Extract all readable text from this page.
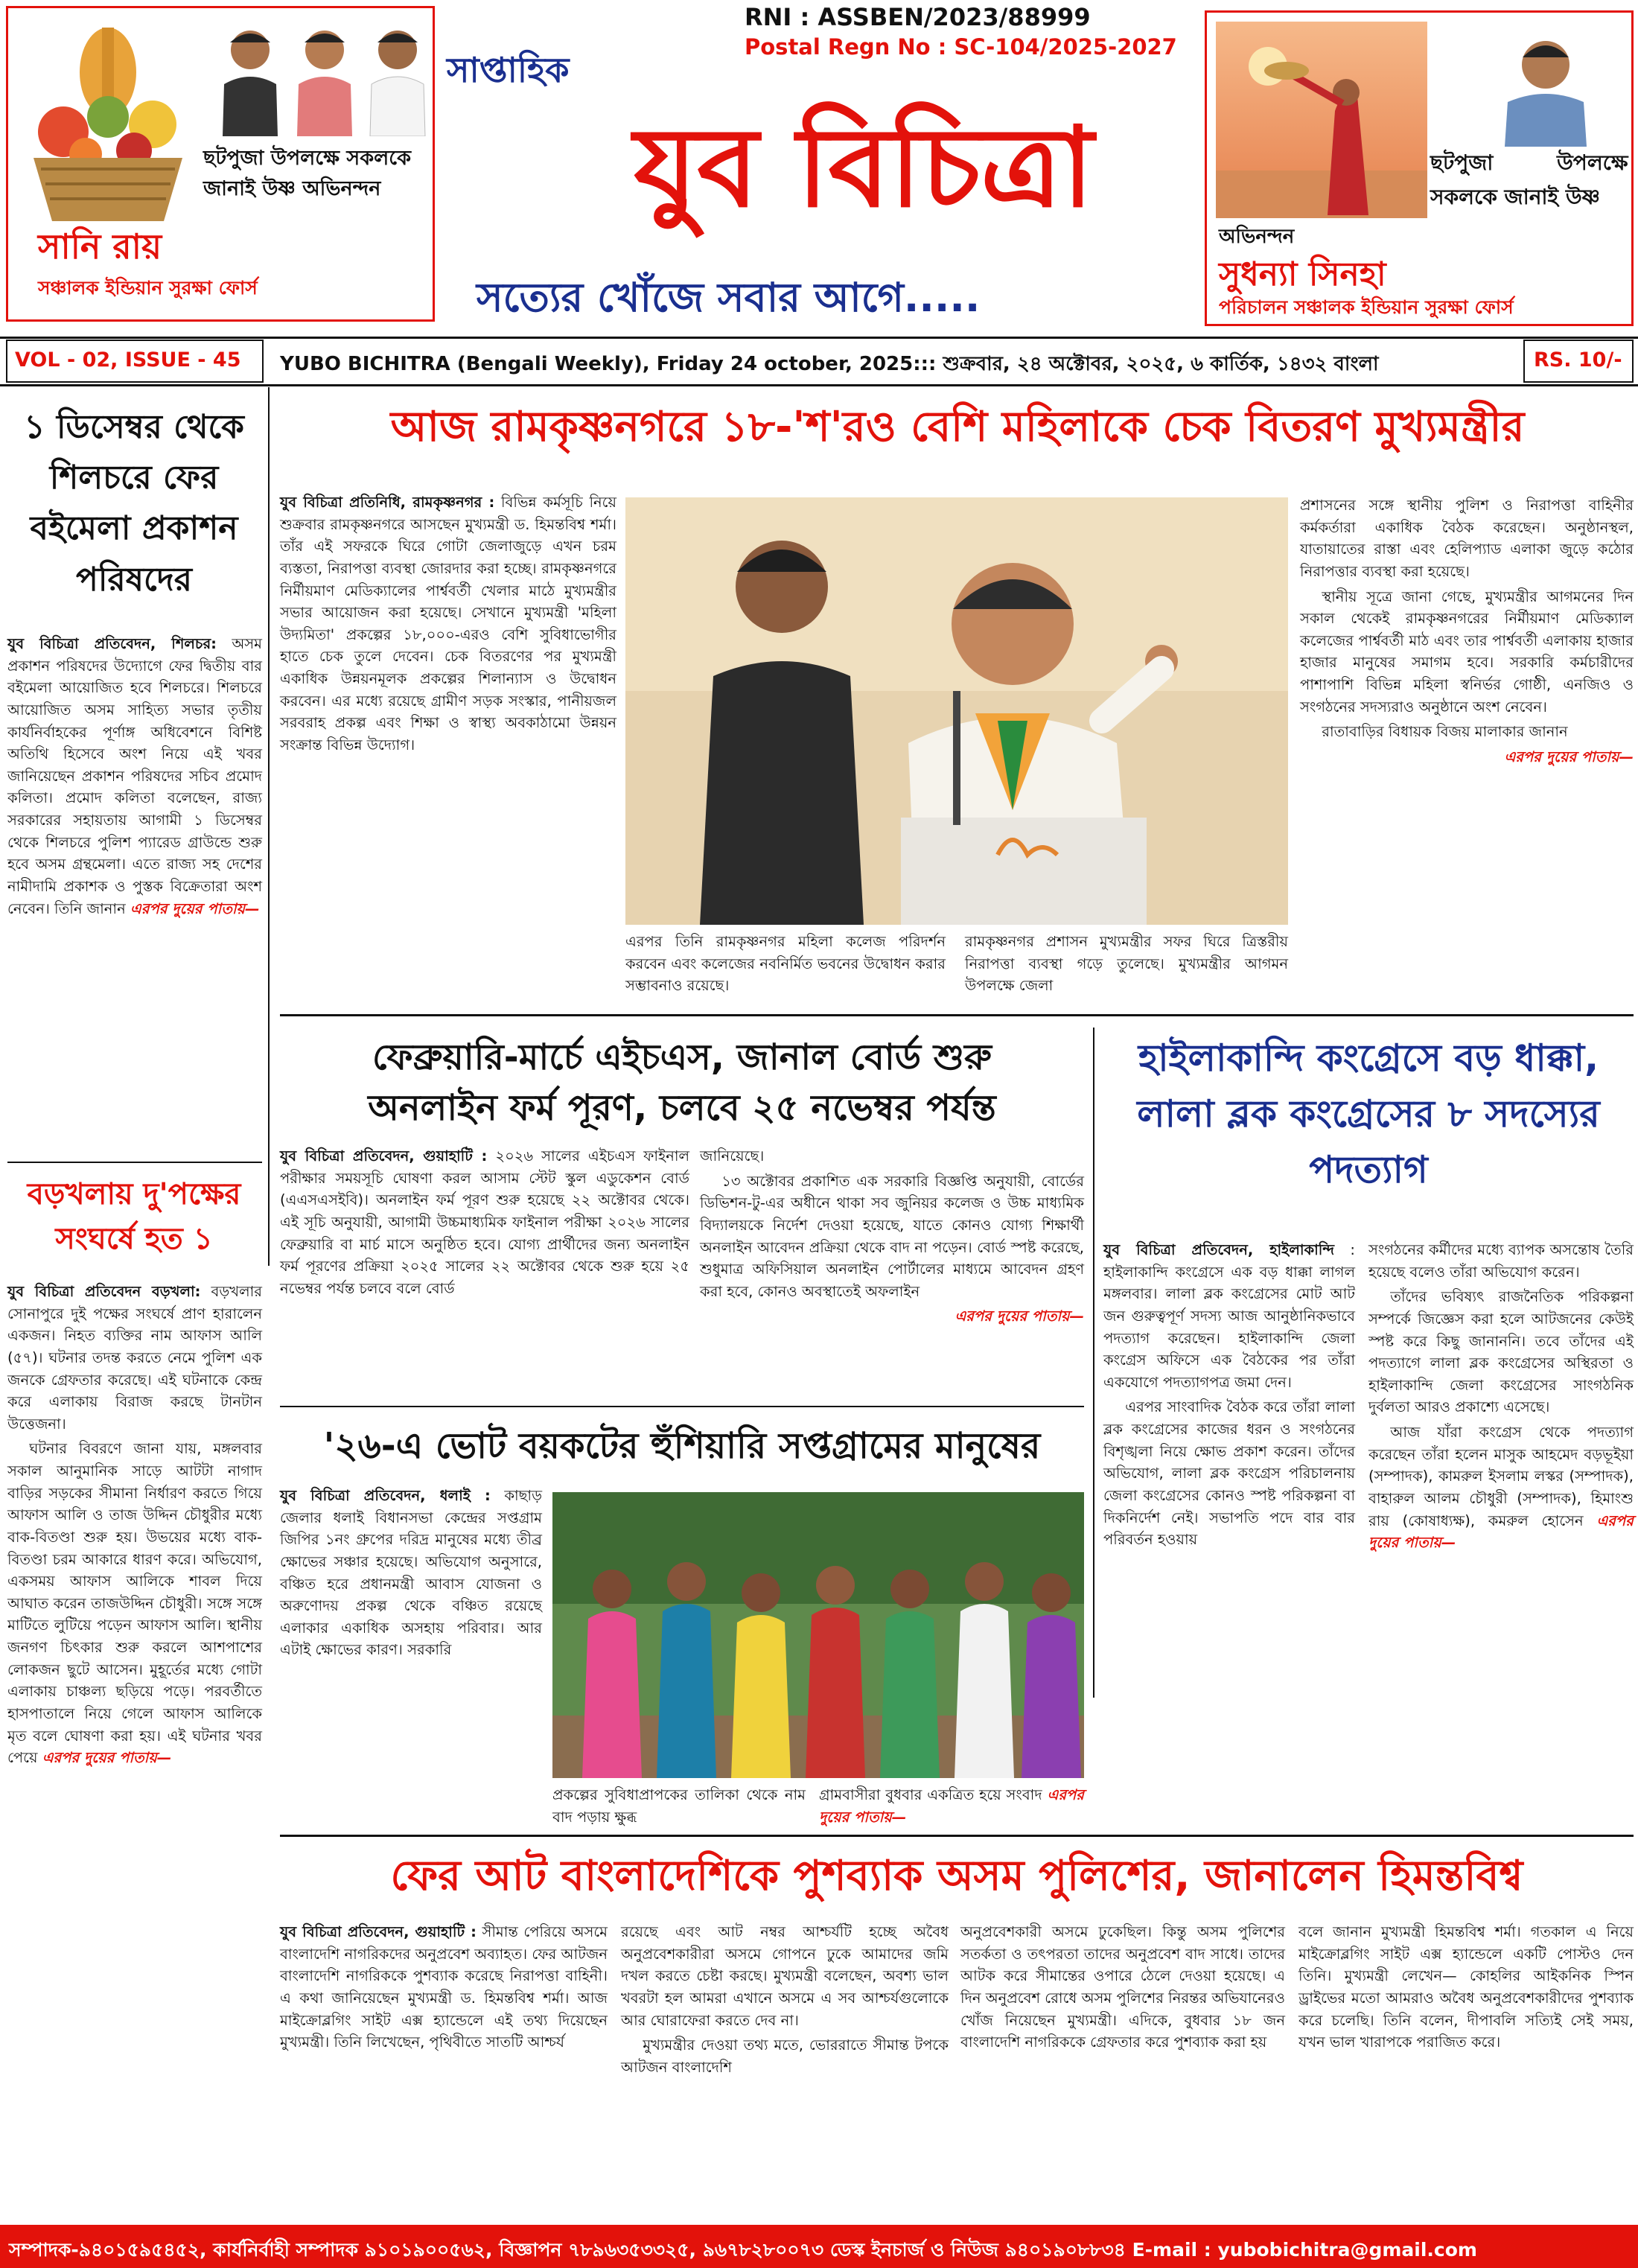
ছটপুজা উপলক্ষে সকলকে জানাই উষ্ণ অভিনন্দন
সানি রায়
সঞ্চালক ইন্ডিয়ান সুরক্ষা ফোর্স
সাপ্তাহিক
RNI : ASSBEN/2023/88999
Postal Regn No : SC-104/2025-2027
যুব বিচিত্রা
সত্যের খোঁজে সবার আগে.....
ছটপুজা	উপলক্ষে
সকলকে জানাই উষ্ণ
অভিনন্দন
সুধন্যা সিনহা
পরিচালন সঞ্চালক ইন্ডিয়ান সুরক্ষা ফোর্স
VOL - 02, ISSUE - 45	YUBO BICHITRA (Bengali Weekly), Friday 24 october, 2025::: শুক্রবার, ২৪ অক্টোবর, ২০২৫, ৬ কার্তিক, ১৪৩২ বাংলা	RS. 10/-
১ ডিসেম্বর থেকে শিলচরে ফের বইমেলা প্রকাশন পরিষদের
যুব বিচিত্রা প্রতিবেদন, শিলচর: অসম প্রকাশন পরিষদের উদ্যোগে ফের দ্বিতীয় বার বইমেলা আয়োজিত হবে শিলচরে। শিলচরে আয়োজিত অসম সাহিত্য সভার তৃতীয় কার্যনির্বাহকের পূর্ণাঙ্গ অধিবেশনে বিশিষ্ট অতিথি হিসেবে অংশ নিয়ে এই খবর জানিয়েছেন প্রকাশন পরিষদের সচিব প্রমোদ কলিতা। প্রমোদ কলিতা বলেছেন, রাজ্য সরকারের সহায়তায় আগামী ১ ডিসেম্বর থেকে শিলচরে পুলিশ প্যারেড গ্রাউন্ডে শুরু হবে অসম গ্রন্থমেলা। এতে রাজ্য সহ দেশের নামীদামি প্রকাশক ও পুস্তক বিক্রেতারা অংশ নেবেন। তিনি জানান এরপর দুয়ের পাতায়—
বড়খলায় দু'পক্ষের সংঘর্ষে হত ১

যুব বিচিত্রা প্রতিবেদন বড়খলা: বড়খলার সোনাপুরে দুই পক্ষের সংঘর্ষে প্রাণ হারালেন একজন। নিহত ব্যক্তির নাম আফাস আলি (৫৭)। ঘটনার তদন্ত করতে নেমে পুলিশ এক জনকে গ্রেফতার করেছে। এই ঘটনাকে কেন্দ্র করে এলাকায় বিরাজ করছে টানটান উত্তেজনা।

ঘটনার বিবরণে জানা যায়, মঙ্গলবার সকাল আনুমানিক সাড়ে আটটা নাগাদ বাড়ির সড়কের সীমানা নির্ধারণ করতে গিয়ে আফাস আলি ও তাজ উদ্দিন চৌধুরীর মধ্যে বাক-বিতণ্ডা শুরু হয়। উভয়ের মধ্যে বাক-বিতণ্ডা চরম আকারে ধারণ করে। অভিযোগ, একসময় আফাস আলিকে শাবল দিয়ে আঘাত করেন তাজউদ্দিন চৌধুরী। সঙ্গে সঙ্গে মাটিতে লুটিয়ে পড়েন আফাস আলি। স্থানীয় জনগণ চিৎকার শুরু করলে আশপাশের লোকজন ছুটে আসেন। মুহূর্তের মধ্যে গোটা এলাকায় চাঞ্চল্য ছড়িয়ে পড়ে। পরবর্তীতে হাসপাতালে নিয়ে গেলে আফাস আলিকে মৃত বলে ঘোষণা করা হয়। এই ঘটনার খবর পেয়ে এরপর দুয়ের পাতায়—

আজ রামকৃষ্ণনগরে ১৮-'শ'রও বেশি মহিলাকে চেক বিতরণ মুখ্যমন্ত্রীর
যুব বিচিত্রা প্রতিনিধি, রামকৃষ্ণনগর : বিভিন্ন কর্মসূচি নিয়ে শুক্রবার রামকৃষ্ণনগরে আসছেন মুখ্যমন্ত্রী ড. হিমন্তবিশ্ব শর্মা। তাঁর এই সফরকে ঘিরে গোটা জেলাজুড়ে এখন চরম ব্যস্ততা, নিরাপত্তা ব্যবস্থা জোরদার করা হচ্ছে। রামকৃষ্ণনগরে নির্মীয়মাণ মেডিক্যালের পার্শ্ববর্তী খেলার মাঠে মুখ্যমন্ত্রীর সভার আয়োজন করা হয়েছে। সেখানে মুখ্যমন্ত্রী 'মহিলা উদ্যমিতা' প্রকল্পের ১৮,০০০-এরও বেশি সুবিধাভোগীর হাতে চেক তুলে দেবেন। চেক বিতরণের পর মুখ্যমন্ত্রী একাধিক উন্নয়নমূলক প্রকল্পের শিলান্যাস ও উদ্বোধন করবেন। এর মধ্যে রয়েছে গ্রামীণ সড়ক সংস্কার, পানীয়জল সরবরাহ প্রকল্প এবং শিক্ষা ও স্বাস্থ্য অবকাঠামো উন্নয়ন সংক্রান্ত বিভিন্ন উদ্যোগ।
এরপর তিনি রামকৃষ্ণনগর মহিলা কলেজ পরিদর্শন করবেন এবং কলেজের নবনির্মিত ভবনের উদ্বোধন করার সম্ভাবনাও রয়েছে।
রামকৃষ্ণনগর প্রশাসন মুখ্যমন্ত্রীর সফর ঘিরে ত্রিস্তরীয় নিরাপত্তা ব্যবস্থা গড়ে তুলেছে। মুখ্যমন্ত্রীর আগমন উপলক্ষে জেলা

প্রশাসনের সঙ্গে স্থানীয় পুলিশ ও নিরাপত্তা বাহিনীর কর্মকর্তারা একাধিক বৈঠক করেছেন। অনুষ্ঠানস্থল, যাতায়াতের রাস্তা এবং হেলিপ্যাড এলাকা জুড়ে কঠোর নিরাপত্তার ব্যবস্থা করা হয়েছে।

স্থানীয় সূত্রে জানা গেছে, মুখ্যমন্ত্রীর আগমনের দিন সকাল থেকেই রামকৃষ্ণনগরের নির্মীয়মাণ মেডিক্যাল কলেজের পার্শ্ববর্তী মাঠ এবং তার পার্শ্ববর্তী এলাকায় হাজার হাজার মানুষের সমাগম হবে। সরকারি কর্মচারীদের পাশাপাশি বিভিন্ন মহিলা স্বনির্ভর গোষ্ঠী, এনজিও ও সংগঠনের সদস্যরাও অনুষ্ঠানে অংশ নেবেন।

রাতাবাড়ির বিধায়ক বিজয় মালাকার জানান

এরপর দুয়ের পাতায়—

ফেব্রুয়ারি-মার্চে এইচএস, জানাল বোর্ড শুরু
অনলাইন ফর্ম পূরণ, চলবে ২৫ নভেম্বর পর্যন্ত
যুব বিচিত্রা প্রতিবেদন, গুয়াহাটি : ২০২৬ সালের এইচএস ফাইনাল পরীক্ষার সময়সূচি ঘোষণা করল আসাম স্টেট স্কুল এডুকেশন বোর্ড (এএসএসইবি)। অনলাইন ফর্ম পূরণ শুরু হয়েছে ২২ অক্টোবর থেকে। এই সূচি অনুযায়ী, আগামী উচ্চমাধ্যমিক ফাইনাল পরীক্ষা ২০২৬ সালের ফেব্রুয়ারি বা মার্চ মাসে অনুষ্ঠিত হবে। যোগ্য প্রার্থীদের জন্য অনলাইন ফর্ম পূরণের প্রক্রিয়া ২০২৫ সালের ২২ অক্টোবর থেকে শুরু হয়ে ২৫ নভেম্বর পর্যন্ত চলবে বলে বোর্ড

জানিয়েছে।

১৩ অক্টোবর প্রকাশিত এক সরকারি বিজ্ঞপ্তি অনুযায়ী, বোর্ডের ডিভিশন-টু-এর অধীনে থাকা সব জুনিয়র কলেজ ও উচ্চ মাধ্যমিক বিদ্যালয়কে নির্দেশ দেওয়া হয়েছে, যাতে কোনও যোগ্য শিক্ষার্থী অনলাইন আবেদন প্রক্রিয়া থেকে বাদ না পড়েন। বোর্ড স্পষ্ট করেছে, শুধুমাত্র অফিসিয়াল অনলাইন পোর্টালের মাধ্যমে আবেদন গ্রহণ করা হবে, কোনও অবস্থাতেই অফলাইন

এরপর দুয়ের পাতায়—

হাইলাকান্দি কংগ্রেসে বড় ধাক্কা, লালা ব্লক কংগ্রেসের ৮ সদস্যের পদত্যাগ

যুব বিচিত্রা প্রতিবেদন, হাইলাকান্দি : হাইলাকান্দি কংগ্রেসে এক বড় ধাক্কা লাগল মঙ্গলবার। লালা ব্লক কংগ্রেসের মোট আট জন গুরুত্বপূর্ণ সদস্য আজ আনুষ্ঠানিকভাবে পদত্যাগ করেছেন। হাইলাকান্দি জেলা কংগ্রেস অফিসে এক বৈঠকের পর তাঁরা একযোগে পদত্যাগপত্র জমা দেন।

এরপর সাংবাদিক বৈঠক করে তাঁরা লালা ব্লক কংগ্রেসের কাজের ধরন ও সংগঠনের বিশৃঙ্খলা নিয়ে ক্ষোভ প্রকাশ করেন। তাঁদের অভিযোগ, লালা ব্লক কংগ্রেস পরিচালনায় জেলা কংগ্রেসের কোনও স্পষ্ট পরিকল্পনা বা দিকনির্দেশ নেই। সভাপতি পদে বার বার পরিবর্তন হওয়ায়

সংগঠনের কর্মীদের মধ্যে ব্যাপক অসন্তোষ তৈরি হয়েছে বলেও তাঁরা অভিযোগ করেন।

তাঁদের ভবিষ্যৎ রাজনৈতিক পরিকল্পনা সম্পর্কে জিজ্ঞেস করা হলে আটজনের কেউই স্পষ্ট করে কিছু জানাননি। তবে তাঁদের এই পদত্যাগে লালা ব্লক কংগ্রেসের অস্থিরতা ও হাইলাকান্দি জেলা কংগ্রেসের সাংগঠনিক দুর্বলতা আরও প্রকাশ্যে এসেছে।

আজ যাঁরা কংগ্রেস থেকে পদত্যাগ করেছেন তাঁরা হলেন মাসুক আহমেদ বড়ভূইয়া (সম্পাদক), কামরুল ইসলাম লস্কর (সম্পাদক), বাহারুল আলম চৌধুরী (সম্পাদক), হিমাংশু রায় (কোষাধ্যক্ষ), কমরুল হোসেন এরপর দুয়ের পাতায়—

'২৬-এ ভোট বয়কটের হুঁশিয়ারি সপ্তগ্রামের মানুষের
যুব বিচিত্রা প্রতিবেদন, ধলাই : কাছাড় জেলার ধলাই বিধানসভা কেন্দ্রের সপ্তগ্রাম জিপির ১নং গ্রুপের দরিদ্র মানুষের মধ্যে তীব্র ক্ষোভের সঞ্চার হয়েছে। অভিযোগ অনুসারে, বঞ্চিত হরে প্রধানমন্ত্রী আবাস যোজনা ও অরুণোদয় প্রকল্প থেকে বঞ্চিত রয়েছে এলাকার একাধিক অসহায় পরিবার। আর এটাই ক্ষোভের কারণ। সরকারি
প্রকল্পের সুবিধাপ্রাপকের তালিকা থেকে নাম বাদ পড়ায় ক্ষুব্ধ
গ্রামবাসীরা বুধবার একত্রিত হয়ে সংবাদ এরপর দুয়ের পাতায়—
ফের আট বাংলাদেশিকে পুশব্যাক অসম পুলিশের, জানালেন হিমন্তবিশ্ব
যুব বিচিত্রা প্রতিবেদন, গুয়াহাটি : সীমান্ত পেরিয়ে অসমে বাংলাদেশি নাগরিকদের অনুপ্রবেশ অব্যাহত। ফের আটজন বাংলাদেশি নাগরিককে পুশব্যাক করেছে নিরাপত্তা বাহিনী। এ কথা জানিয়েছেন মুখ্যমন্ত্রী ড. হিমন্তবিশ্ব শর্মা। আজ মাইক্রোব্লগিং সাইট এক্স হ্যান্ডেলে এই তথ্য দিয়েছেন মুখ্যমন্ত্রী। তিনি লিখেছেন, পৃথিবীতে সাতটি আশ্চর্য

রয়েছে এবং আট নম্বর আশ্চর্যটি হচ্ছে অবৈধ অনুপ্রবেশকারীরা অসমে গোপনে ঢুকে আমাদের জমি দখল করতে চেষ্টা করছে। মুখ্যমন্ত্রী বলেছেন, অবশ্য ভাল খবরটা হল আমরা এখানে অসমে এ সব আশ্চর্যগুলোকে আর ঘোরাফেরা করতে দেব না।

মুখ্যমন্ত্রীর দেওয়া তথ্য মতে, ভোররাতে সীমান্ত টপকে আটজন বাংলাদেশি

অনুপ্রবেশকারী অসমে ঢুকেছিল। কিন্তু অসম পুলিশের সতর্কতা ও তৎপরতা তাদের অনুপ্রবেশ বাদ সাধে। তাদের আটক করে সীমান্তের ওপারে ঠেলে দেওয়া হয়েছে। এ দিন অনুপ্রবেশ রোধে অসম পুলিশের নিরন্তর অভিযানেরও খোঁজ নিয়েছেন মুখ্যমন্ত্রী। এদিকে, বুধবার ১৮ জন বাংলাদেশি নাগরিককে গ্রেফতার করে পুশব্যাক করা হয়
বলে জানান মুখ্যমন্ত্রী হিমন্তবিশ্ব শর্মা। গতকাল এ নিয়ে মাইক্রোব্লগিং সাইট এক্স হ্যান্ডেলে একটি পোস্টও দেন তিনি। মুখ্যমন্ত্রী লেখেন— কোহলির আইকনিক স্পিন ড্রাইভের মতো আমরাও অবৈধ অনুপ্রবেশকারীদের পুশব্যাক করে চলেছি। তিনি বলেন, দীপাবলি সত্যিই সেই সময়, যখন ভাল খারাপকে পরাজিত করে।
সম্পাদক-৯৪০১৫৯৫৪৫২, কার্যনির্বাহী সম্পাদক ৯১০১৯০০৫৬২, বিজ্ঞাপন ৭৮৯৬৩৫৩৩২৫, ৯৬৭৮২৮০০৭৩ ডেস্ক ইনচার্জ ও নিউজ ৯৪০১৯০৮৮৩৪ E-mail : yubobichitra@gmail.com
